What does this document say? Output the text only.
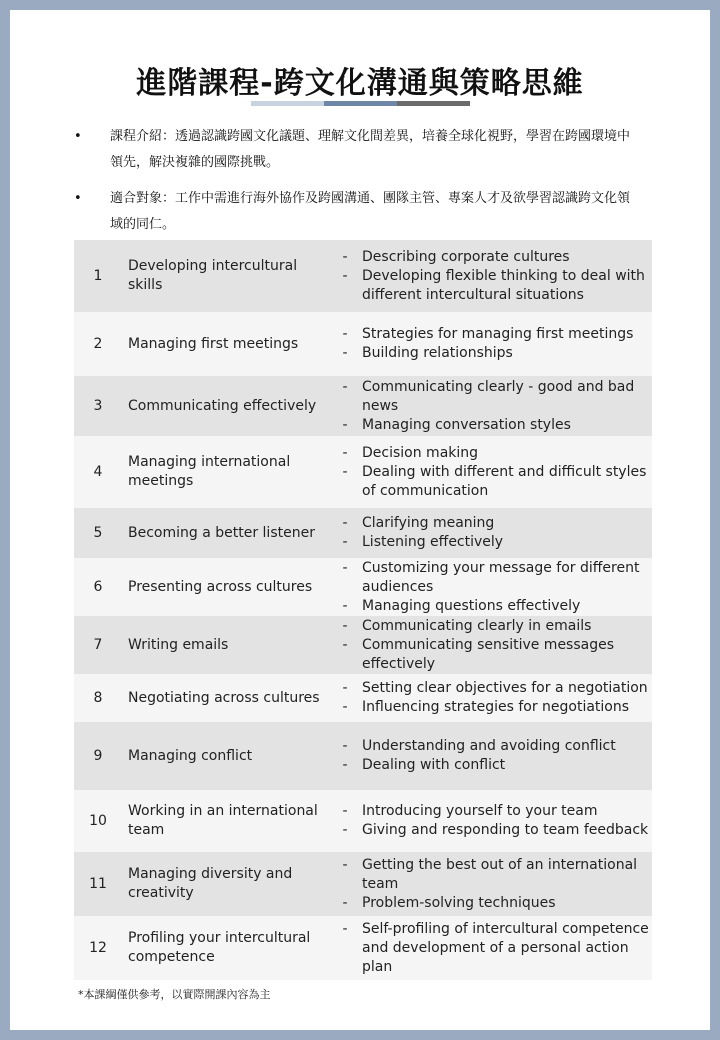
進階課程-跨文化溝通與策略思維
•	課程介紹：透過認識跨國文化議題、理解文化間差異，培養全球化視野，學習在跨國環境中領先，解決複雜的國際挑戰。
•	適合對象：工作中需進行海外協作及跨國溝通、團隊主管、專案人才及欲學習認識跨文化領域的同仁。
1	Developing intercultural skills	- Describing corporate cultures
- Developing flexible thinking to deal with different intercultural situations

2	Managing first meetings	- Strategies for managing first meetings
- Building relationships

3	Communicating effectively	- Communicating clearly - good and bad news
- Managing conversation styles

4	Managing international meetings	- Decision making
- Dealing with different and difficult styles of communication

5	Becoming a better listener	- Clarifying meaning
- Listening effectively

6	Presenting across cultures	- Customizing your message for different audiences
- Managing questions effectively

7	Writing emails	- Communicating clearly in emails
- Communicating sensitive messages effectively

8	Negotiating across cultures	- Setting clear objectives for a negotiation
- Influencing strategies for negotiations

9	Managing conflict	- Understanding and avoiding conflict
- Dealing with conflict

10	Working in an international team	- Introducing yourself to your team
- Giving and responding to team feedback

11	Managing diversity and creativity	- Getting the best out of an international team
- Problem-solving techniques

12	Profiling your intercultural competence	- Self-profiling of intercultural competence and development of a personal action plan
*本課綱僅供參考，以實際開課內容為主
